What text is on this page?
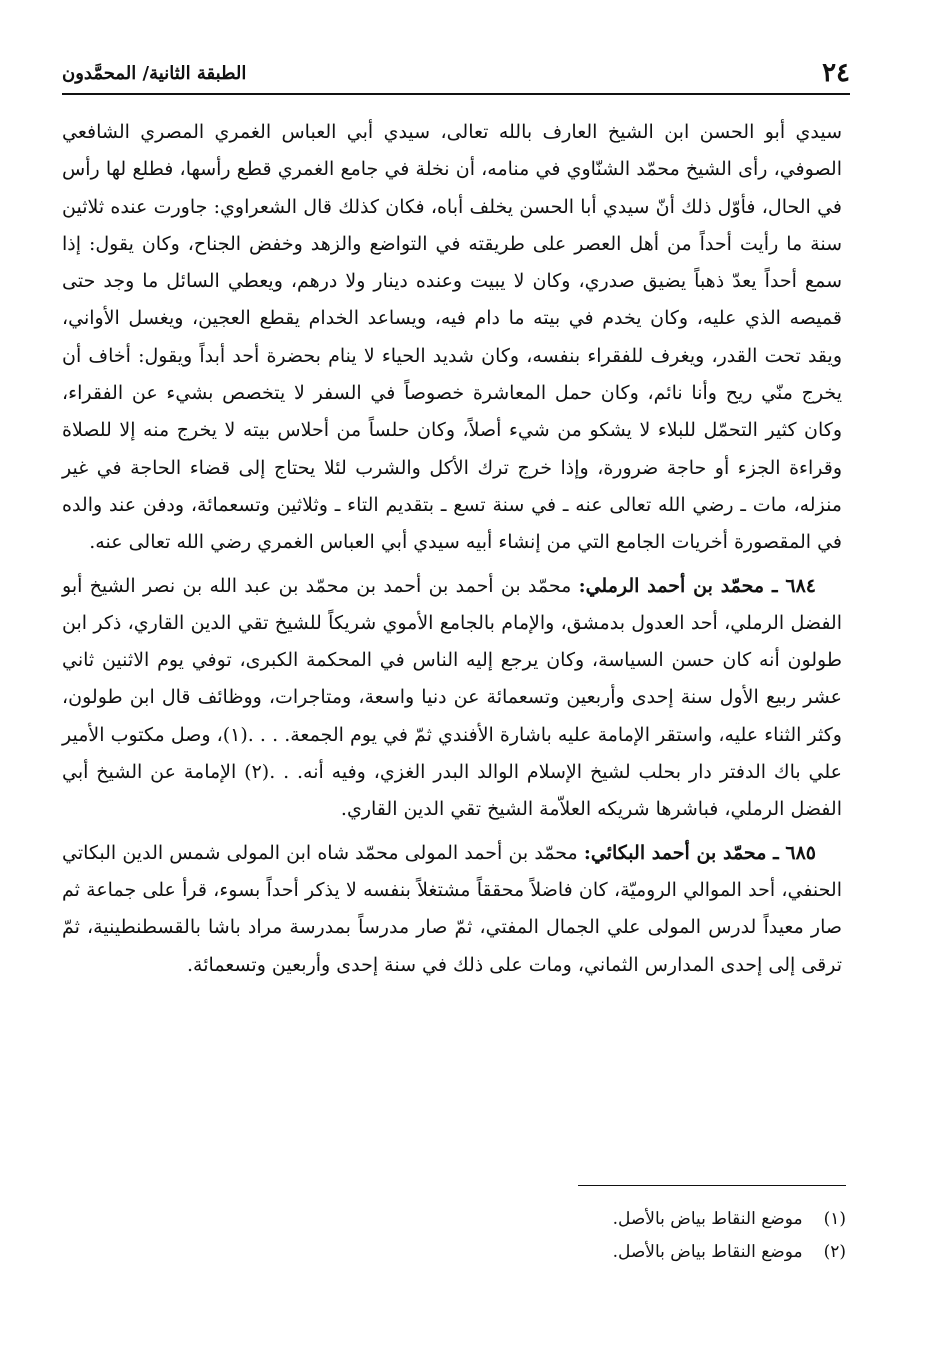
٢٤
الطبقة الثانية/ المحمَّدون

سيدي أبو الحسن ابن الشيخ العارف بالله تعالى، سيدي أبي العباس الغمري المصري الشافعي الصوفي، رأى الشيخ محمّد الشنّاوي في منامه، أن نخلة في جامع الغمري قطع رأسها، فطلع لها رأس في الحال، فأوّل ذلك أنّ سيدي أبا الحسن يخلف أباه، فكان كذلك قال الشعراوي: جاورت عنده ثلاثين سنة ما رأيت أحداً من أهل العصر على طريقته في التواضع والزهد وخفض الجناح، وكان يقول: إذا سمع أحداً يعدّ ذهباً يضيق صدري، وكان لا يبيت وعنده دينار ولا درهم، ويعطي السائل ما وجد حتى قميصه الذي عليه، وكان يخدم في بيته ما دام فيه، ويساعد الخدام يقطع العجين، ويغسل الأواني، ويقد تحت القدر، ويغرف للفقراء بنفسه، وكان شديد الحياء لا ينام بحضرة أحد أبداً ويقول: أخاف أن يخرج منّي ريح وأنا نائم، وكان حمل المعاشرة خصوصاً في السفر لا يتخصص بشيء عن الفقراء، وكان كثير التحمّل للبلاء لا يشكو من شيء أصلاً، وكان حلساً من أحلاس بيته لا يخرج منه إلا للصلاة وقراءة الجزء أو حاجة ضرورة، وإذا خرج ترك الأكل والشرب لئلا يحتاج إلى قضاء الحاجة في غير منزله، مات ـ رضي الله تعالى عنه ـ في سنة تسع ـ بتقديم التاء ـ وثلاثين وتسعمائة، ودفن عند والده في المقصورة أخريات الجامع التي من إنشاء أبيه سيدي أبي العباس الغمري رضي الله تعالى عنه.

٦٨٤ ـ محمّد بن أحمد الرملي: محمّد بن أحمد بن أحمد بن محمّد بن عبد الله بن نصر الشيخ أبو الفضل الرملي، أحد العدول بدمشق، والإمام بالجامع الأموي شريكاً للشيخ تقي الدين القاري، ذكر ابن طولون أنه كان حسن السياسة، وكان يرجع إليه الناس في المحكمة الكبرى، توفي يوم الاثنين ثاني عشر ربيع الأول سنة إحدى وأربعين وتسعمائة عن دنيا واسعة، ومتاجرات، ووظائف قال ابن طولون، وكثر الثناء عليه، واستقر الإمامة عليه باشارة الأفندي ثمّ في يوم الجمعة. . . .(١)، وصل مكتوب الأمير علي باك الدفتر دار بحلب لشيخ الإسلام الوالد البدر الغزي، وفيه أنه. . .(٢) الإمامة عن الشيخ أبي الفضل الرملي، فباشرها شريكه العلاّمة الشيخ تقي الدين القاري.

٦٨٥ ـ محمّد بن أحمد البكائي: محمّد بن أحمد المولى محمّد شاه ابن المولى شمس الدين البكاتي الحنفي، أحد الموالي الروميّة، كان فاضلاً محققاً مشتغلاً بنفسه لا يذكر أحداً بسوء، قرأ على جماعة ثم صار معيداً لدرس المولى علي الجمال المفتي، ثمّ صار مدرساً بمدرسة مراد باشا بالقسطنطينية، ثمّ ترقى إلى إحدى المدارس الثماني، ومات على ذلك في سنة إحدى وأربعين وتسعمائة.

(١) موضع النقاط بياض بالأصل.
(٢) موضع النقاط بياض بالأصل.
